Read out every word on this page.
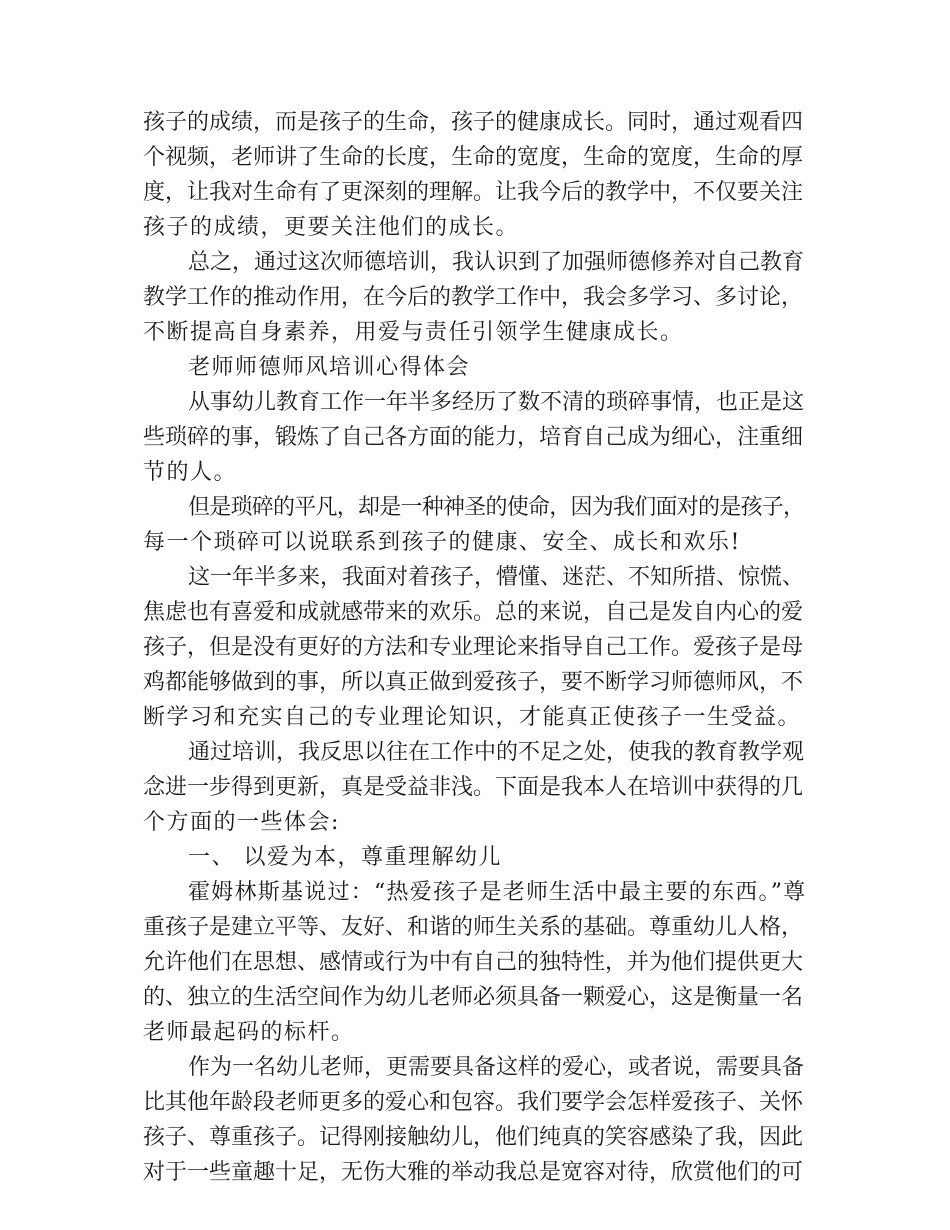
孩子的成绩，而是孩子的生命，孩子的健康成长。同时，通过观看四
个视频，老师讲了生命的长度，生命的宽度，生命的宽度，生命的厚
度，让我对生命有了更深刻的理解。让我今后的教学中，不仅要关注
孩子的成绩，更要关注他们的成长。
总之，通过这次师德培训，我认识到了加强师德修养对自己教育
教学工作的推动作用，在今后的教学工作中，我会多学习、多讨论，
不断提高自身素养，用爱与责任引领学生健康成长。
老师师德师风培训心得体会
从事幼儿教育工作一年半多经历了数不清的琐碎事情，也正是这
些琐碎的事，锻炼了自己各方面的能力，培育自己成为细心，注重细
节的人。
但是琐碎的平凡，却是一种神圣的使命，因为我们面对的是孩子，
每一个琐碎可以说联系到孩子的健康、安全、成长和欢乐!
这一年半多来，我面对着孩子，懵懂、迷茫、不知所措、惊慌、
焦虑也有喜爱和成就感带来的欢乐。总的来说，自己是发自内心的爱
孩子，但是没有更好的方法和专业理论来指导自己工作。爱孩子是母
鸡都能够做到的事，所以真正做到爱孩子，要不断学习师德师风，不
断学习和充实自己的专业理论知识，才能真正使孩子一生受益。
通过培训，我反思以往在工作中的不足之处，使我的教育教学观
念进一步得到更新，真是受益非浅。下面是我本人在培训中获得的几
个方面的一些体会:
一、 以爱为本，尊重理解幼儿
霍姆林斯基说过：“热爱孩子是老师生活中最主要的东西。”尊
重孩子是建立平等、友好、和谐的师生关系的基础。尊重幼儿人格，
允许他们在思想、感情或行为中有自己的独特性，并为他们提供更大
的、独立的生活空间作为幼儿老师必须具备一颗爱心，这是衡量一名
老师最起码的标杆。
作为一名幼儿老师，更需要具备这样的爱心，或者说，需要具备
比其他年龄段老师更多的爱心和包容。我们要学会怎样爱孩子、关怀
孩子、尊重孩子。记得刚接触幼儿，他们纯真的笑容感染了我，因此
对于一些童趣十足，无伤大雅的举动我总是宽容对待，欣赏他们的可
